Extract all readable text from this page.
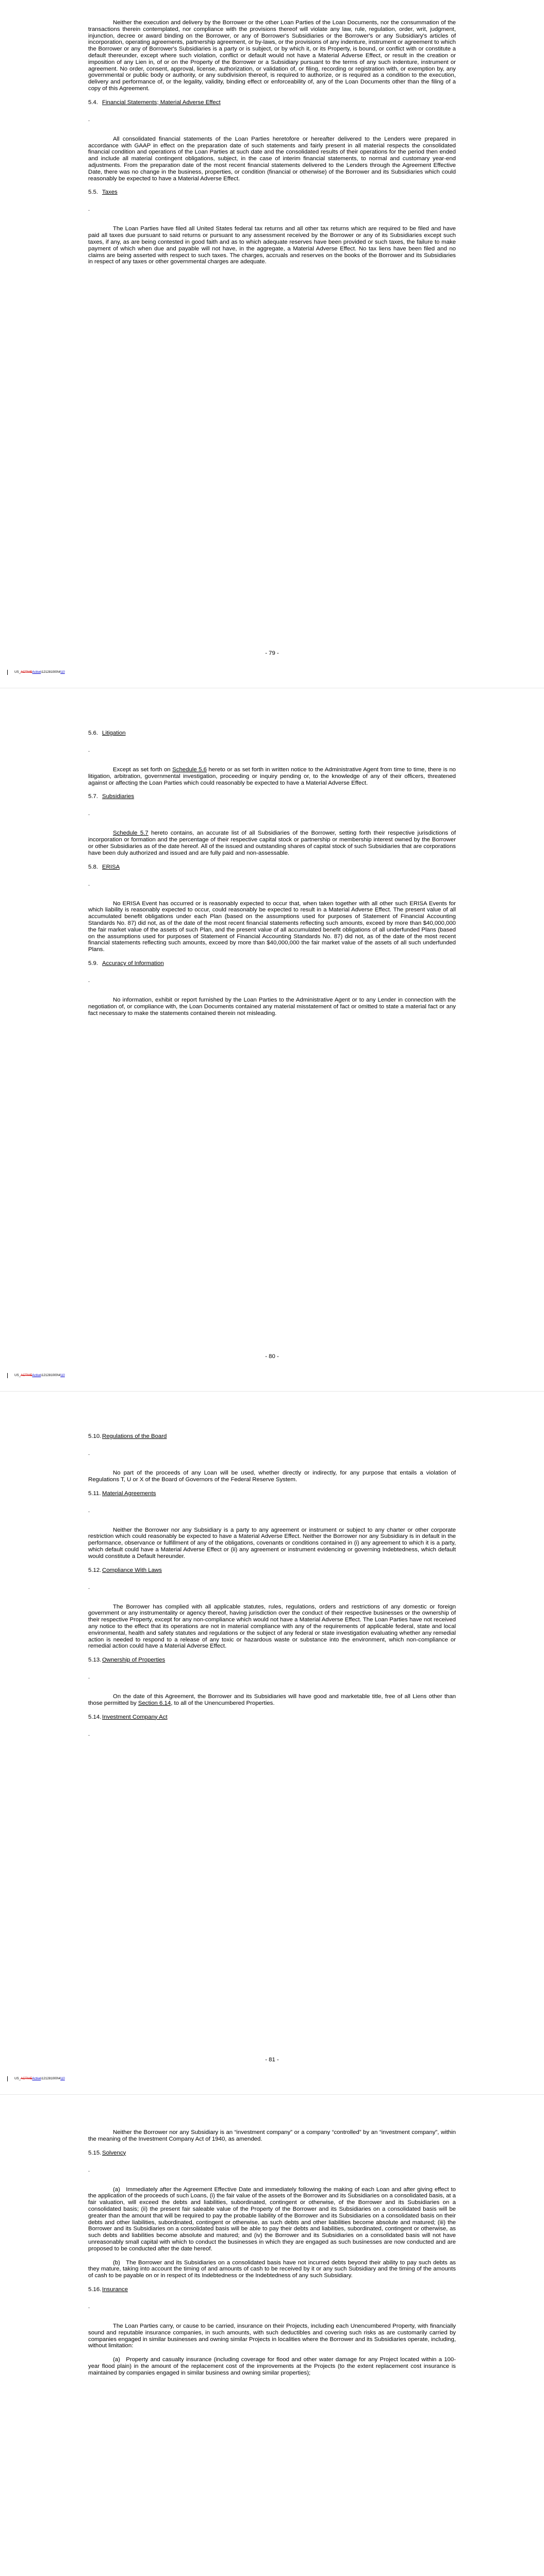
Neither the execution and delivery by the Borrower or the other Loan Parties of the Loan Documents, nor the consummation of the transactions therein contemplated, nor compliance with the provisions thereof will violate any law, rule, regulation, order, writ, judgment, injunction, decree or award binding on the Borrower, or any of Borrower's Subsidiaries or the Borrower's or any Subsidiary's articles of incorporation, operating agreements, partnership agreement, or by-laws, or the provisions of any indenture, instrument or agreement to which the Borrower or any of Borrower's Subsidiaries is a party or is subject, or by which it, or its Property, is bound, or conflict with or constitute a default thereunder, except where such violation, conflict or default would not have a Material Adverse Effect, or result in the creation or imposition of any Lien in, of or on the Property of the Borrower or a Subsidiary pursuant to the terms of any such indenture, instrument or agreement. No order, consent, approval, license, authorization, or validation of, or filing, recording or registration with, or exemption by, any governmental or public body or authority, or any subdivision thereof, is required to authorize, or is required as a condition to the execution, delivery and performance of, or the legality, validity, binding effect or enforceability of, any of the Loan Documents other than the filing of a copy of this Agreement.

5.4. Financial Statements; Material Adverse Effect
.

All consolidated financial statements of the Loan Parties heretofore or hereafter delivered to the Lenders were prepared in accordance with GAAP in effect on the preparation date of such statements and fairly present in all material respects the consolidated financial condition and operations of the Loan Parties at such date and the consolidated results of their operations for the period then ended and include all material contingent obligations, subject, in the case of interim financial statements, to normal and customary year-end adjustments. From the preparation date of the most recent financial statements delivered to the Lenders through the Agreement Effective Date, there was no change in the business, properties, or condition (financial or otherwise) of the Borrower and its Subsidiaries which could reasonably be expected to have a Material Adverse Effect.

5.5. Taxes
.

The Loan Parties have filed all United States federal tax returns and all other tax returns which are required to be filed and have paid all taxes due pursuant to said returns or pursuant to any assessment received by the Borrower or any of its Subsidiaries except such taxes, if any, as are being contested in good faith and as to which adequate reserves have been provided or such taxes, the failure to make payment of which when due and payable will not have, in the aggregate, a Material Adverse Effect. No tax liens have been filed and no claims are being asserted with respect to such taxes. The charges, accruals and reserves on the books of the Borrower and its Subsidiaries in respect of any taxes or other governmental charges are adequate.

- 79 -
US_ACTIVEActive\121281000\4\10
5.6. Litigation
.

Except as set forth on Schedule 5.6 hereto or as set forth in written notice to the Administrative Agent from time to time, there is no litigation, arbitration, governmental investigation, proceeding or inquiry pending or, to the knowledge of any of their officers, threatened against or affecting the Loan Parties which could reasonably be expected to have a Material Adverse Effect.

5.7. Subsidiaries
.

Schedule 5.7 hereto contains, an accurate list of all Subsidiaries of the Borrower, setting forth their respective jurisdictions of incorporation or formation and the percentage of their respective capital stock or partnership or membership interest owned by the Borrower or other Subsidiaries as of the date hereof. All of the issued and outstanding shares of capital stock of such Subsidiaries that are corporations have been duly authorized and issued and are fully paid and non-assessable.

5.8. ERISA
.

No ERISA Event has occurred or is reasonably expected to occur that, when taken together with all other such ERISA Events for which liability is reasonably expected to occur, could reasonably be expected to result in a Material Adverse Effect. The present value of all accumulated benefit obligations under each Plan (based on the assumptions used for purposes of Statement of Financial Accounting Standards No. 87) did not, as of the date of the most recent financial statements reflecting such amounts, exceed by more than $40,000,000 the fair market value of the assets of such Plan, and the present value of all accumulated benefit obligations of all underfunded Plans (based on the assumptions used for purposes of Statement of Financial Accounting Standards No. 87) did not, as of the date of the most recent financial statements reflecting such amounts, exceed by more than $40,000,000 the fair market value of the assets of all such underfunded Plans.

5.9. Accuracy of Information
.

No information, exhibit or report furnished by the Loan Parties to the Administrative Agent or to any Lender in connection with the negotiation of, or compliance with, the Loan Documents contained any material misstatement of fact or omitted to state a material fact or any fact necessary to make the statements contained therein not misleading.

- 80 -
US_ACTIVEActive\121281000\4\10
5.10. Regulations of the Board
.

No part of the proceeds of any Loan will be used, whether directly or indirectly, for any purpose that entails a violation of Regulations T, U or X of the Board of Governors of the Federal Reserve System.

5.11. Material Agreements
.

Neither the Borrower nor any Subsidiary is a party to any agreement or instrument or subject to any charter or other corporate restriction which could reasonably be expected to have a Material Adverse Effect. Neither the Borrower nor any Subsidiary is in default in the performance, observance or fulfillment of any of the obligations, covenants or conditions contained in (i) any agreement to which it is a party, which default could have a Material Adverse Effect or (ii) any agreement or instrument evidencing or governing Indebtedness, which default would constitute a Default hereunder.

5.12. Compliance With Laws
.

The Borrower has complied with all applicable statutes, rules, regulations, orders and restrictions of any domestic or foreign government or any instrumentality or agency thereof, having jurisdiction over the conduct of their respective businesses or the ownership of their respective Property, except for any non-compliance which would not have a Material Adverse Effect. The Loan Parties have not received any notice to the effect that its operations are not in material compliance with any of the requirements of applicable federal, state and local environmental, health and safety statutes and regulations or the subject of any federal or state investigation evaluating whether any remedial action is needed to respond to a release of any toxic or hazardous waste or substance into the environment, which non-compliance or remedial action could have a Material Adverse Effect.

5.13. Ownership of Properties
.

On the date of this Agreement, the Borrower and its Subsidiaries will have good and marketable title, free of all Liens other than those permitted by Section 6.14, to all of the Unencumbered Properties.

5.14. Investment Company Act
.
- 81 -
US_ACTIVEActive\121281000\4\10

Neither the Borrower nor any Subsidiary is an “investment company” or a company “controlled” by an “investment company”, within the meaning of the Investment Company Act of 1940, as amended.

5.15. Solvency
.

(a) Immediately after the Agreement Effective Date and immediately following the making of each Loan and after giving effect to the application of the proceeds of such Loans, (i) the fair value of the assets of the Borrower and its Subsidiaries on a consolidated basis, at a fair valuation, will exceed the debts and liabilities, subordinated, contingent or otherwise, of the Borrower and its Subsidiaries on a consolidated basis; (ii) the present fair saleable value of the Property of the Borrower and its Subsidiaries on a consolidated basis will be greater than the amount that will be required to pay the probable liability of the Borrower and its Subsidiaries on a consolidated basis on their debts and other liabilities, subordinated, contingent or otherwise, as such debts and other liabilities become absolute and matured; (iii) the Borrower and its Subsidiaries on a consolidated basis will be able to pay their debts and liabilities, subordinated, contingent or otherwise, as such debts and liabilities become absolute and matured; and (iv) the Borrower and its Subsidiaries on a consolidated basis will not have unreasonably small capital with which to conduct the businesses in which they are engaged as such businesses are now conducted and are proposed to be conducted after the date hereof.

(b) The Borrower and its Subsidiaries on a consolidated basis have not incurred debts beyond their ability to pay such debts as they mature, taking into account the timing of and amounts of cash to be received by it or any such Subsidiary and the timing of the amounts of cash to be payable on or in respect of its Indebtedness or the Indebtedness of any such Subsidiary.

5.16. Insurance
.

The Loan Parties carry, or cause to be carried, insurance on their Projects, including each Unencumbered Property, with financially sound and reputable insurance companies, in such amounts, with such deductibles and covering such risks as are customarily carried by companies engaged in similar businesses and owning similar Projects in localities where the Borrower and its Subsidiaries operate, including, without limitation:

(a) Property and casualty insurance (including coverage for flood and other water damage for any Project located within a 100-year flood plain) in the amount of the replacement cost of the improvements at the Projects (to the extent replacement cost insurance is maintained by companies engaged in similar business and owning similar properties);
